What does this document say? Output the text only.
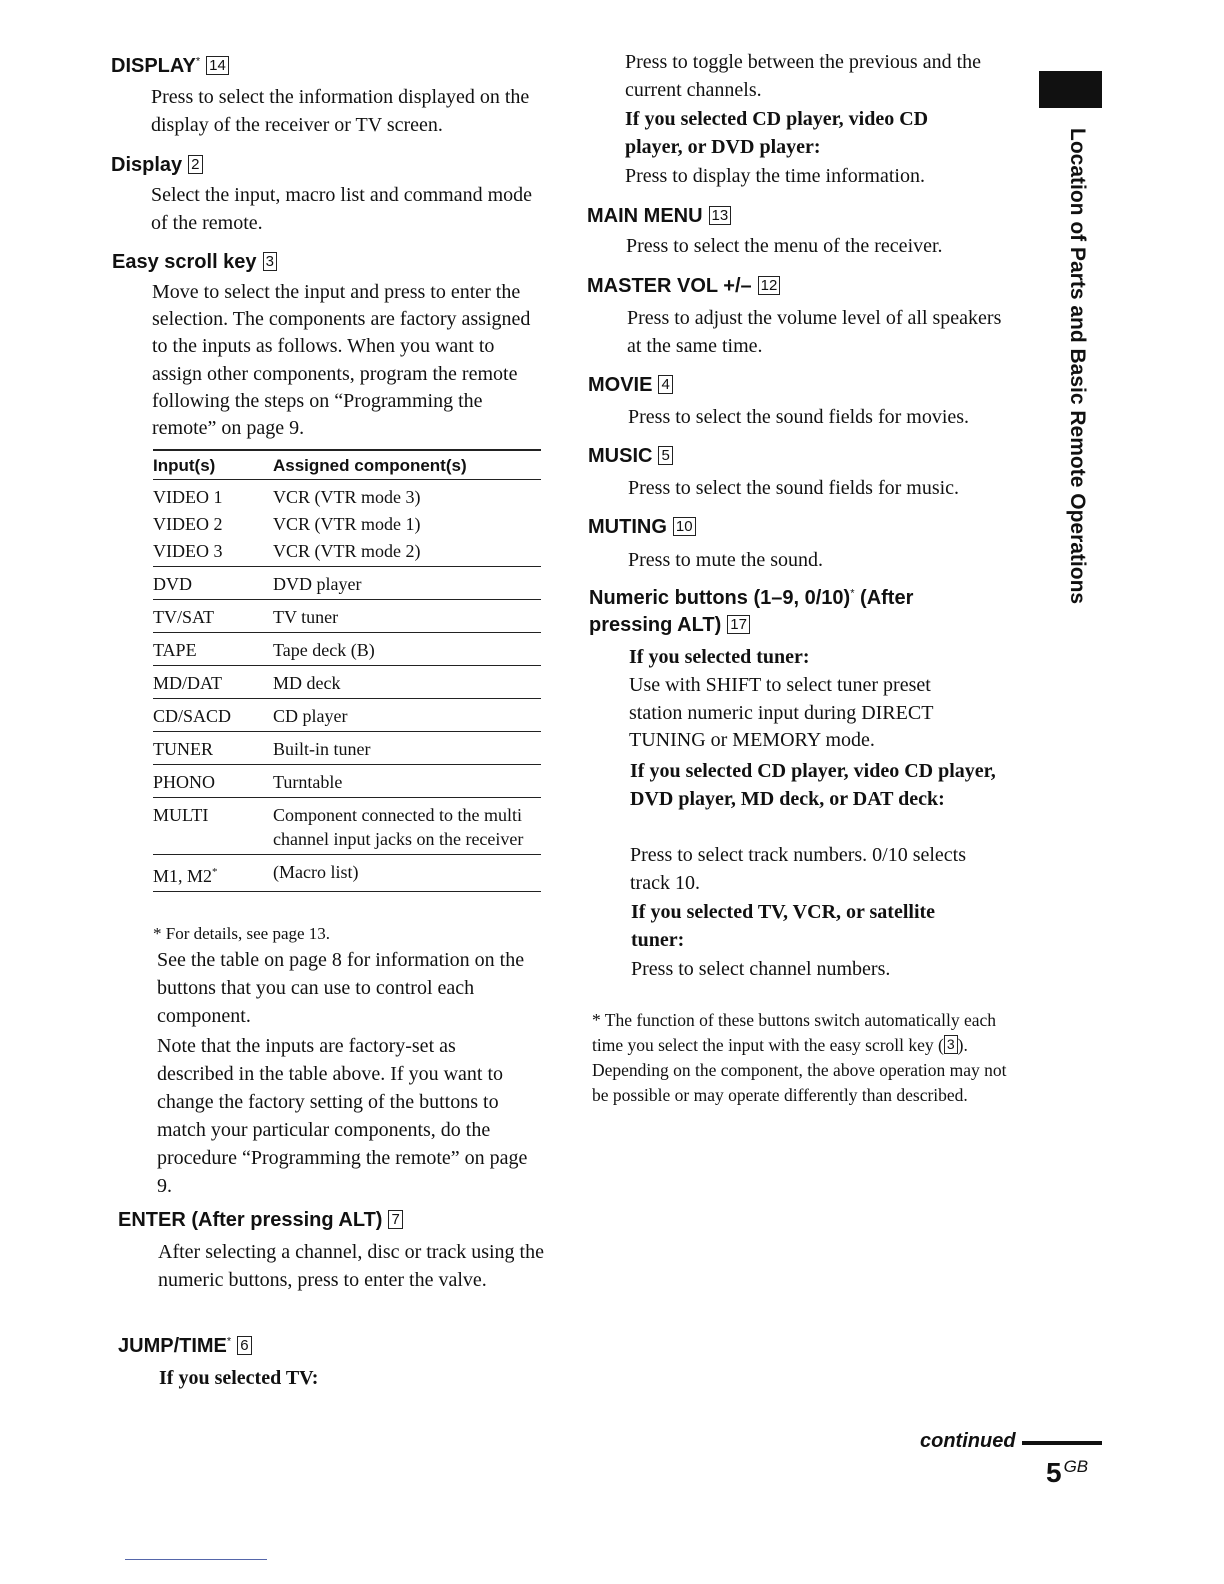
DISPLAY* 14
Press to select the information displayed on the display of the receiver or TV screen.
Display 2
Select the input, macro list and command mode of the remote.
Easy scroll key 3
Move to select the input and press to enter the selection. The components are factory assigned to the inputs as follows. When you want to assign other components, program the remote following the steps on “Programming the remote” on page 9.
Input(s)	Assigned component(s)
VIDEO 1	VCR (VTR mode 3)
VIDEO 2	VCR (VTR mode 1)
VIDEO 3	VCR (VTR mode 2)
DVD	DVD player
TV/SAT	TV tuner
TAPE	Tape deck (B)
MD/DAT	MD deck
CD/SACD	CD player
TUNER	Built-in tuner
PHONO	Turntable
MULTI	Component connected to the multi channel input jacks on the receiver
M1, M2*	(Macro list)
* For details, see page 13.
See the table on page 8 for information on the buttons that you can use to control each component.
Note that the inputs are factory-set as described in the table above. If you want to change the factory setting of the buttons to match your particular components, do the procedure “Programming the remote” on page 9.
ENTER (After pressing ALT) 7
After selecting a channel, disc or track using the numeric buttons, press to enter the valve.
JUMP/TIME* 6
If you selected TV:
Press to toggle between the previous and the current channels.
If you selected CD player, video CD player, or DVD player:
Press to display the time information.
MAIN MENU 13
Press to select the menu of the receiver.
MASTER VOL +/– 12
Press to adjust the volume level of all speakers at the same time.
MOVIE 4
Press to select the sound fields for movies.
MUSIC 5
Press to select the sound fields for music.
MUTING 10
Press to mute the sound.
Numeric buttons (1–9, 0/10)* (After
pressing ALT) 17
If you selected tuner:
Use with SHIFT to select tuner preset station numeric input during DIRECT TUNING or MEMORY mode.
If you selected CD player, video CD player, DVD player, MD deck, or DAT deck:
Press to select track numbers. 0/10 selects track 10.
If you selected TV, VCR, or satellite tuner:
Press to select channel numbers.
* The function of these buttons switch automatically each time you select the input with the easy scroll key ( 3 ). Depending on the component, the above operation may not be possible or may operate differently than described.
Location of Parts and Basic Remote Operations
continued
5 $^{GB}$
